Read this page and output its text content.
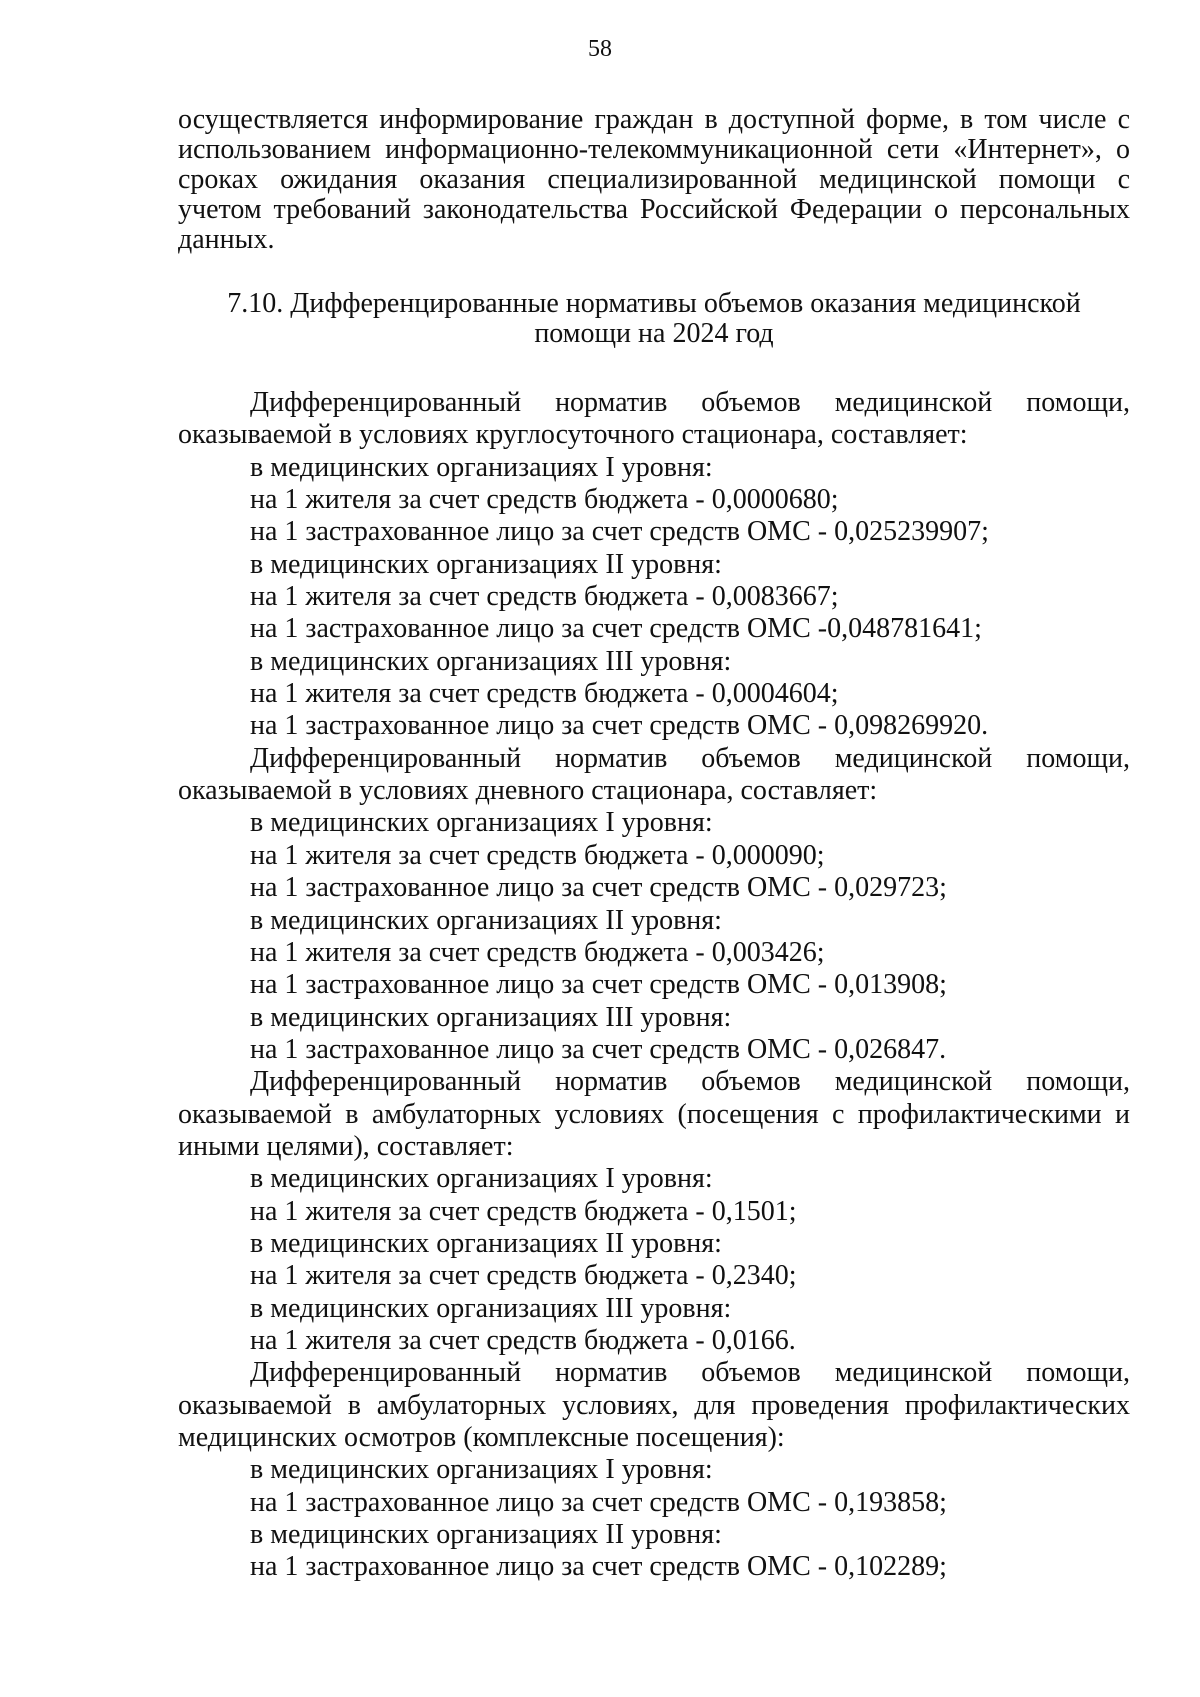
58
осуществляется информирование граждан в доступной форме, в том числе с использованием информационно-телекоммуникационной сети «Интернет», о сроках ожидания оказания специализированной медицинской помощи с учетом требований законодательства Российской Федерации о персональных данных.
7.10. Дифференцированные нормативы объемов оказания медицинской
помощи на 2024 год

Дифференцированный норматив объемов медицинской помощи, оказываемой в условиях круглосуточного стационара, составляет:

в медицинских организациях I уровня:
на 1 жителя за счет средств бюджета - 0,0000680;
на 1 застрахованное лицо за счет средств ОМС - 0,025239907;
в медицинских организациях II уровня:
на 1 жителя за счет средств бюджета - 0,0083667;
на 1 застрахованное лицо за счет средств ОМС -0,048781641;
в медицинских организациях III уровня:
на 1 жителя за счет средств бюджета - 0,0004604;
на 1 застрахованное лицо за счет средств ОМС - 0,098269920.

Дифференцированный норматив объемов медицинской помощи, оказываемой в условиях дневного стационара, составляет:

в медицинских организациях I уровня:
на 1 жителя за счет средств бюджета - 0,000090;
на 1 застрахованное лицо за счет средств ОМС - 0,029723;
в медицинских организациях II уровня:
на 1 жителя за счет средств бюджета - 0,003426;
на 1 застрахованное лицо за счет средств ОМС - 0,013908;
в медицинских организациях III уровня:
на 1 застрахованное лицо за счет средств ОМС - 0,026847.

Дифференцированный норматив объемов медицинской помощи, оказываемой в амбулаторных условиях (посещения с профилактическими и иными целями), составляет:

в медицинских организациях I уровня:
на 1 жителя за счет средств бюджета - 0,1501;
в медицинских организациях II уровня:
на 1 жителя за счет средств бюджета - 0,2340;
в медицинских организациях III уровня:
на 1 жителя за счет средств бюджета - 0,0166.

Дифференцированный норматив объемов медицинской помощи, оказываемой в амбулаторных условиях, для проведения профилактических медицинских осмотров (комплексные посещения):

в медицинских организациях I уровня:
на 1 застрахованное лицо за счет средств ОМС - 0,193858;
в медицинских организациях II уровня:
на 1 застрахованное лицо за счет средств ОМС - 0,102289;
